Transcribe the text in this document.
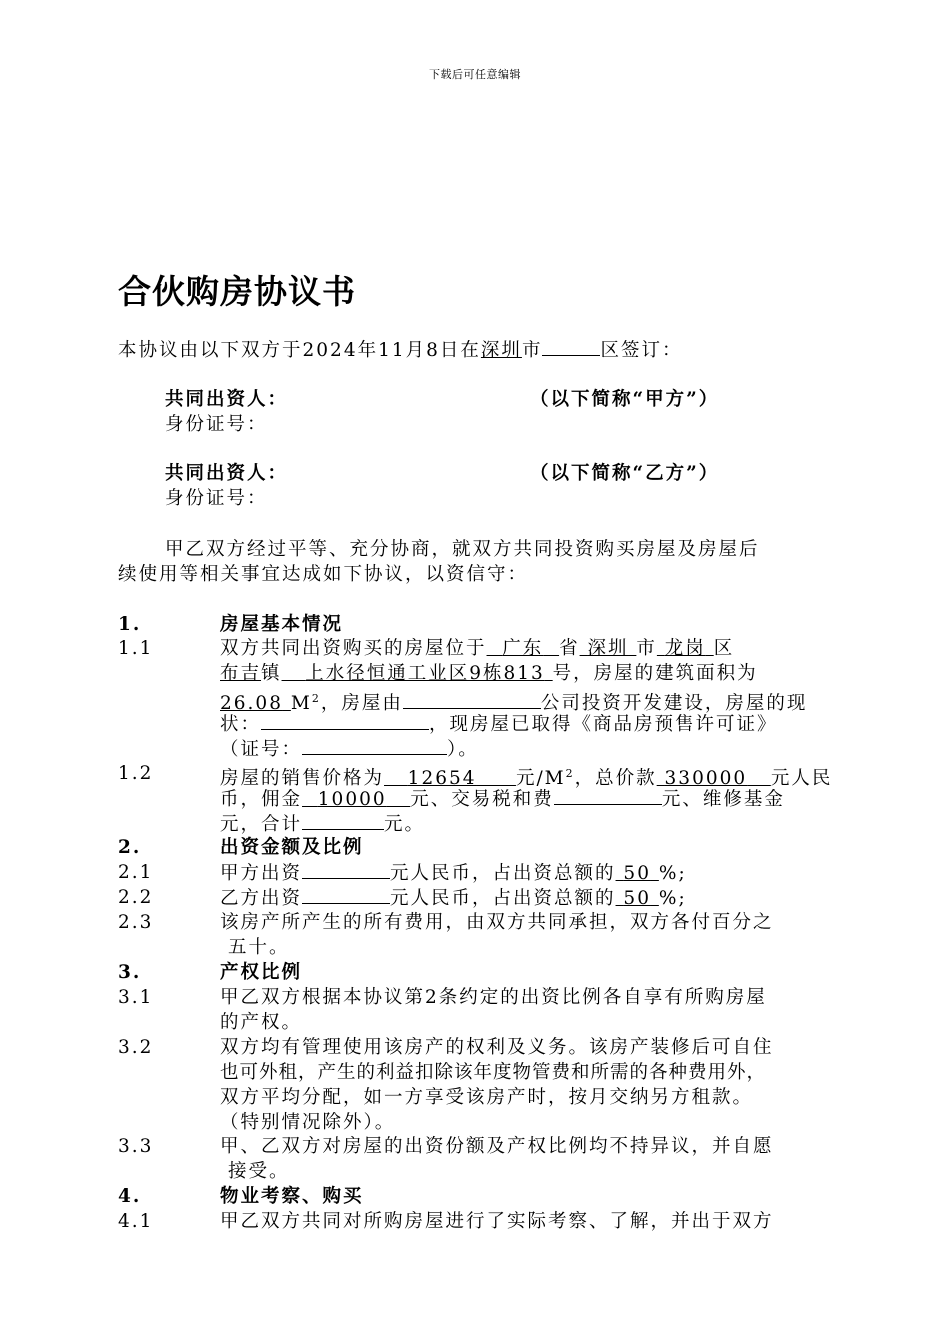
下载后可任意编辑
合伙购房协议书
本协议由以下双方于2024年11月8日在深圳市	区签订：
共同出资人：	（以下简称“甲方”）
身份证号：
共同出资人：	（以下简称“乙方”）
身份证号：
甲乙双方经过平等、充分协商，就双方共同投资购买房屋及房屋后
续使用等相关事宜达成如下协议，以资信守：
1.	房屋基本情况
1.1	双方共同出资购买的房屋位于 广东 省 深圳 市 龙岗 区
布吉镇 上水径恒通工业区9栋813 号，房屋的建筑面积为
26.08 $M^2$，房屋由	公司投资开发建设，房屋的现
状：	，现房屋已取得《商品房预售许可证》
（证号：	）。
1.2	房屋的销售价格为 12654 元$/M^2$，总价款 330000 元人民
币，佣金 10000 元、交易税和费	元、维修基金
元，合计	元。
2.	出资金额及比例
2.1	甲方出资	元人民币，占出资总额的 50 %;
2.2	乙方出资	元人民币，占出资总额的 50 %;
2.3	该房产所产生的所有费用，由双方共同承担，双方各付百分之
五十。
3.	产权比例
3.1	甲乙双方根据本协议第2条约定的出资比例各自享有所购房屋
的产权。
3.2	双方均有管理使用该房产的权利及义务。该房产装修后可自住
也可外租，产生的利益扣除该年度物管费和所需的各种费用外，
双方平均分配，如一方享受该房产时，按月交纳另方租款。
（特别情况除外）。
3.3	甲、乙双方对房屋的出资份额及产权比例均不持异议，并自愿
接受。
4.	物业考察、购买
4.1	甲乙双方共同对所购房屋进行了实际考察、了解，并出于双方
